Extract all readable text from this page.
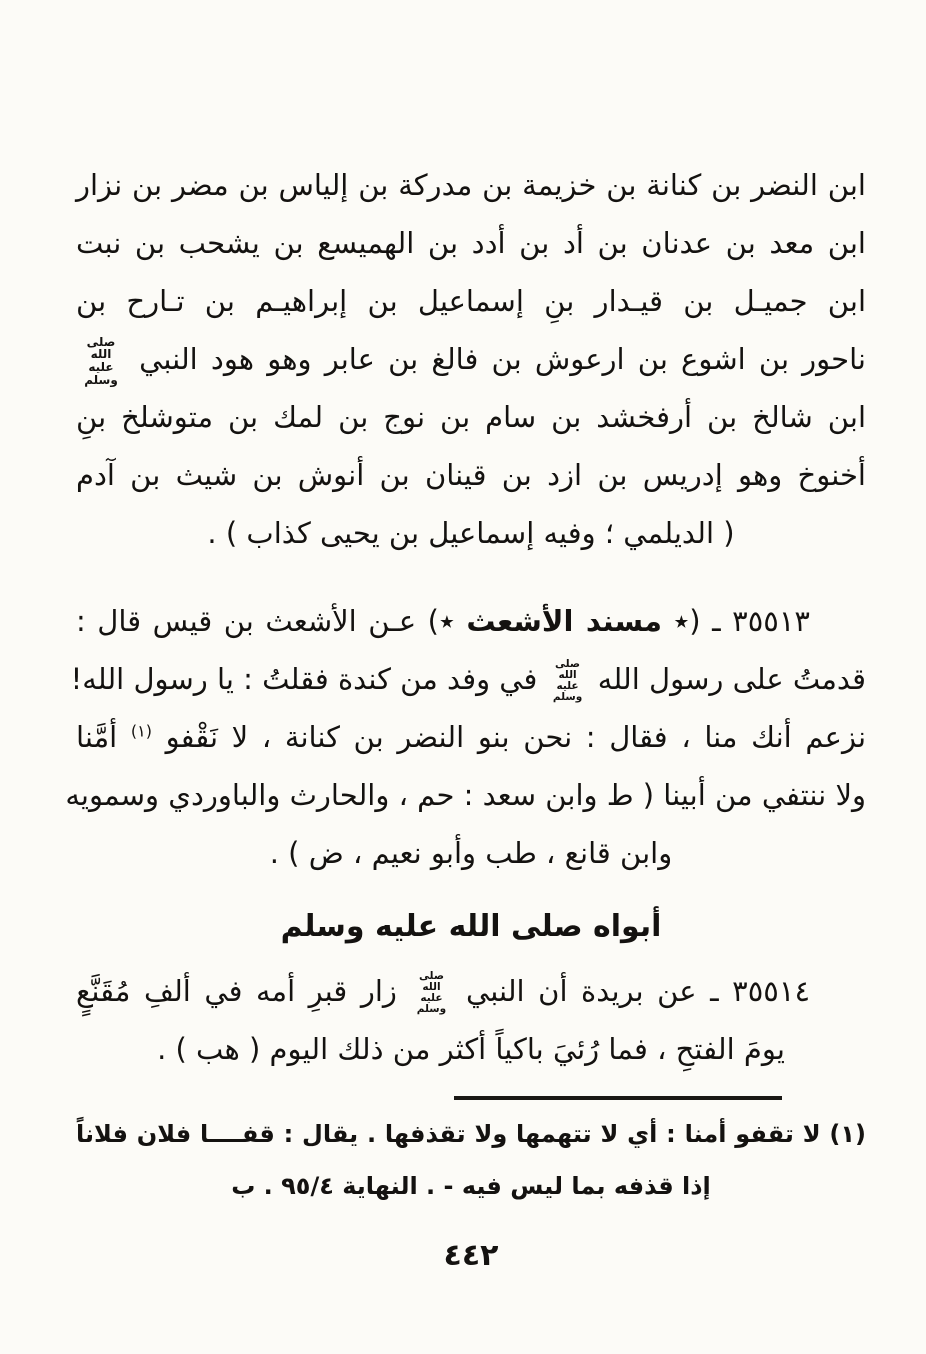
ابن النضر بن كنانة بن خزيمة بن مدركة بن إلياس بن مضر بن نزار
ابن معد بن عدنان بن أد بن أدد بن الهميسع بن يشحب بن نبت
ابن جميـل بن قيـدار بنِ إسماعيل بن إبراهيـم بن تـارح بن
ناحور بن اشوع بن ارعوش بن فالغ بن عابر وهو هود النبي صلى الله عليه وسلم
ابن شالخ بن أرفخشد بن سام بن نوج بن لمك بن متوشلخ بنِ
أخنوخ وهو إدريس بن ازد بن قينان بن أنوش بن شيث بن آدم
( الديلمي ؛ وفيه إسماعيل بن يحيى كذاب ) .
٣٥٥١٣ ـ (٭ مسند الأشعث ٭) عـن الأشعث بن قيس قال :
قدمتُ على رسول الله صلى الله عليه وسلم في وفد من كندة فقلتُ : يا رسول الله!
نزعم أنك منا ، فقال : نحن بنو النضر بن كنانة ، لا نَقْفو $^{(١)}$ أمَّنا
ولا ننتفي من أبينا ( ط وابن سعد : حم ، والحارث والباوردي وسمويه
وابن قانع ، طب وأبو نعيم ، ض ) .
أبواه صلى الله عليه وسلم
٣٥٥١٤ ـ عن بريدة أن النبي صلى الله عليه وسلم زار قبرِ أمه في ألفِ مُقَنَّعٍ
يومَ الفتحِ ، فما رُئيَ باكياً أكثر من ذلك اليوم ( هب ) .
(١) لا تقفو أمنا : أي لا تتهمها ولا تقذفها . يقال : قفــــا فلان فلاناً
إذا قذفه بما ليس فيه - . النهاية ٩٥/٤ . ب
٤٤٢
